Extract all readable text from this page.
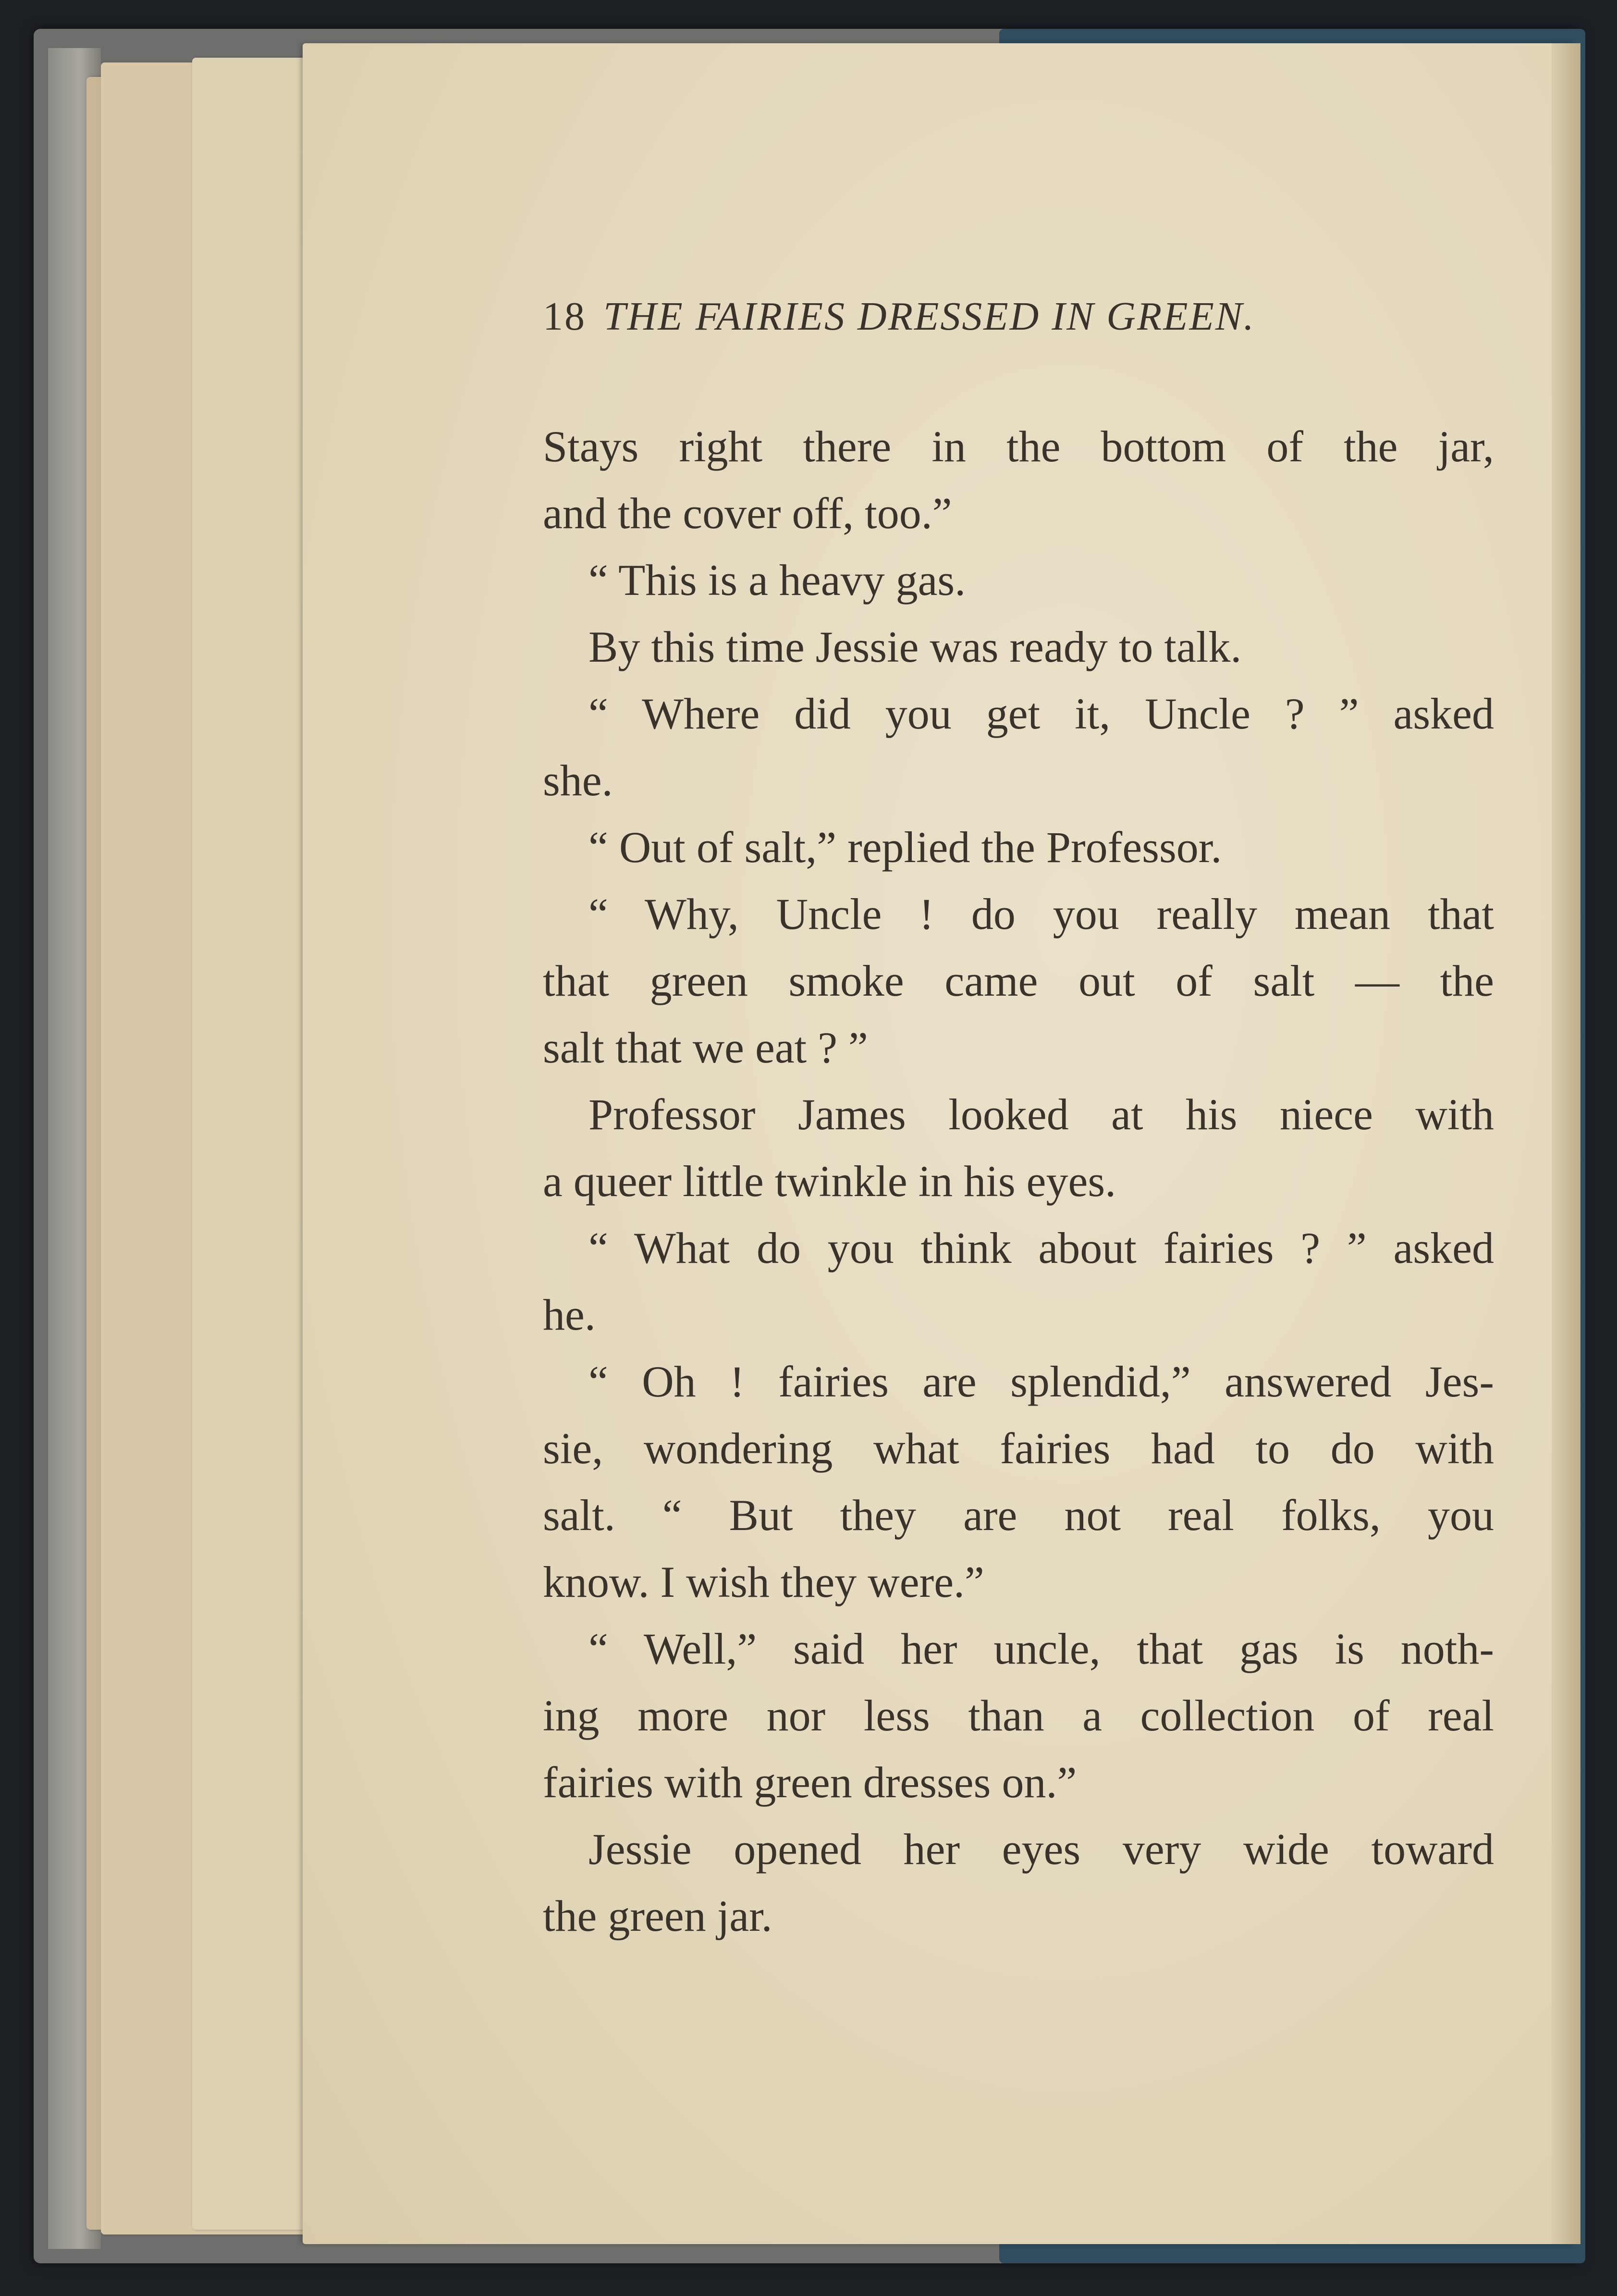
18 THE FAIRIES DRESSED IN GREEN.
Stays right there in the bottom of the jar,
and the cover off, too.”
“ This is a heavy gas.
By this time Jessie was ready to talk.
“ Where did you get it, Uncle ? ” asked
she.
“ Out of salt,” replied the Professor.
“ Why, Uncle ! do you really mean that
that green smoke came out of salt — the
salt that we eat ? ”
Professor James looked at his niece with
a queer little twinkle in his eyes.
“ What do you think about fairies ? ” asked
he.
“ Oh ! fairies are splendid,” answered Jes-
sie, wondering what fairies had to do with
salt. “ But they are not real folks, you
know. I wish they were.”
“ Well,” said her uncle, that gas is noth-
ing more nor less than a collection of real
fairies with green dresses on.”
Jessie opened her eyes very wide toward
the green jar.
